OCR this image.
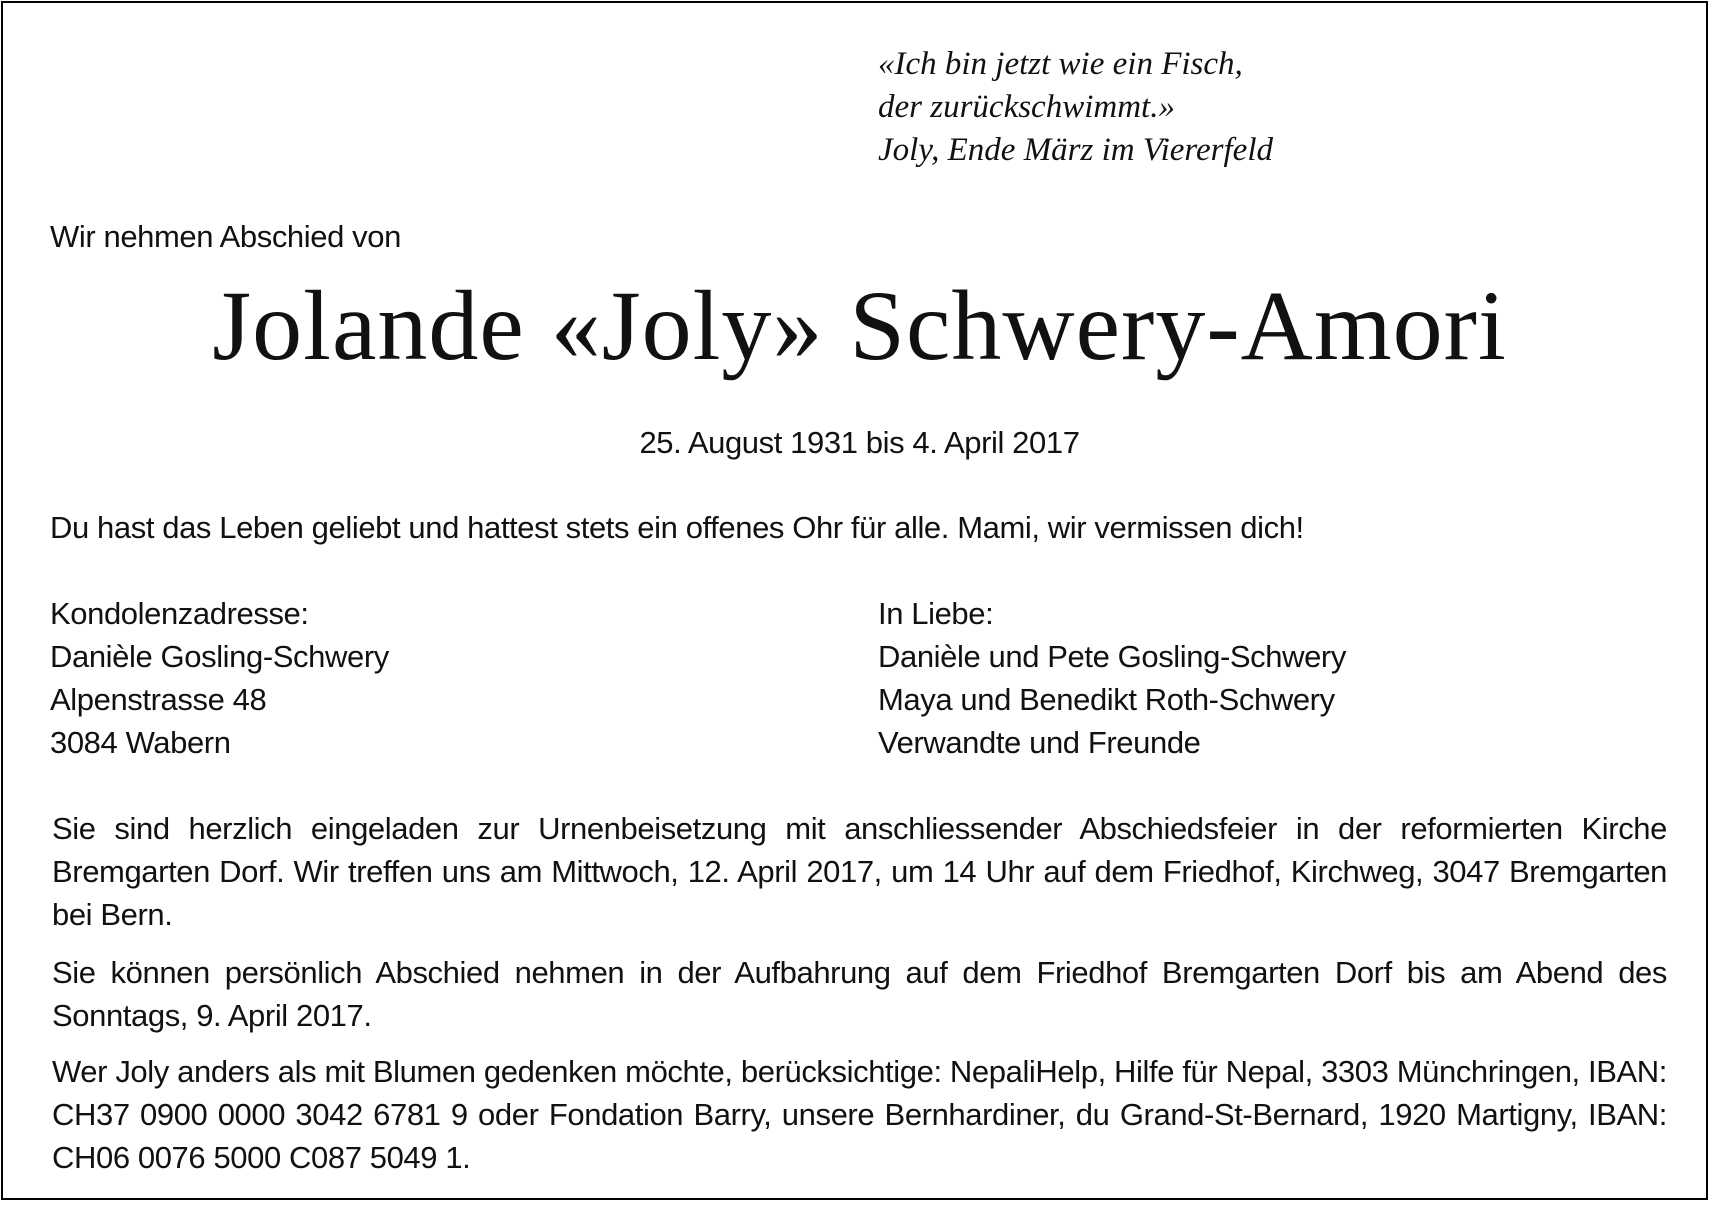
«Ich bin jetzt wie ein Fisch,
der zurückschwimmt.»
Joly, Ende März im Viererfeld
Wir nehmen Abschied von
Jolande «Joly» Schwery-Amori
25. August 1931 bis 4. April 2017
Du hast das Leben geliebt und hattest stets ein offenes Ohr für alle. Mami, wir vermissen dich!
Kondolenzadresse:
Danièle Gosling-Schwery
Alpenstrasse 48
3084 Wabern
In Liebe:
Danièle und Pete Gosling-Schwery
Maya und Benedikt Roth-Schwery
Verwandte und Freunde

Sie sind herzlich eingeladen zur Urnenbeisetzung mit anschliessender Abschiedsfeier in der reformierten Kirche Bremgarten Dorf. Wir treffen uns am Mittwoch, 12. April 2017, um 14 Uhr auf dem Friedhof, Kirchweg, 3047 Bremgarten bei Bern.

Sie können persönlich Abschied nehmen in der Aufbahrung auf dem Friedhof Bremgarten Dorf bis am Abend des Sonntags, 9. April 2017.

Wer Joly anders als mit Blumen gedenken möchte, berücksichtige: NepaliHelp, Hilfe für Nepal, 3303 Münchringen, IBAN: CH37 0900 0000 3042 6781 9 oder Fondation Barry, unsere Bernhardiner, du Grand-St-Bernard, 1920 Martigny, IBAN: CH06 0076 5000 C087 5049 1.
